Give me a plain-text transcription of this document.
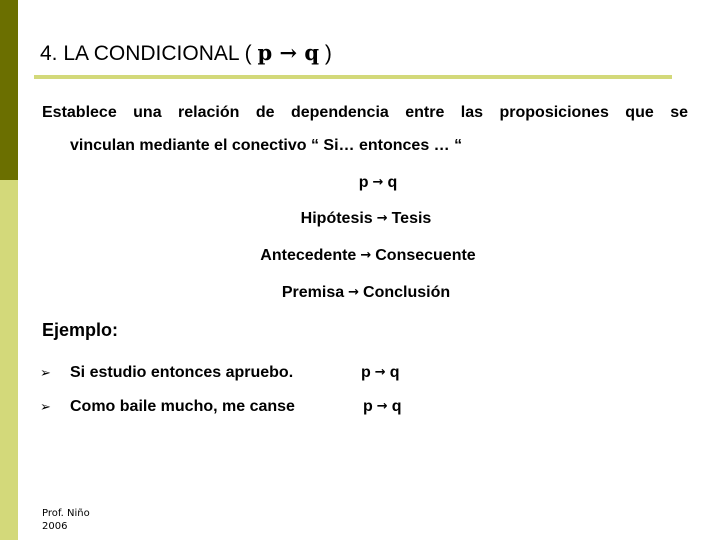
4. LA CONDICIONAL ( p → q )
Establece una relación de dependencia entre las proposiciones que se
vinculan mediante el conectivo “ Si… entonces … “
p → q
Hipótesis → Tesis
Antecedente → Consecuente
Premisa → Conclusión
Ejemplo:
➢ Si estudio entonces apruebo.	p → q
➢ Como baile mucho, me canse	p → q
Prof. Niño
2006
